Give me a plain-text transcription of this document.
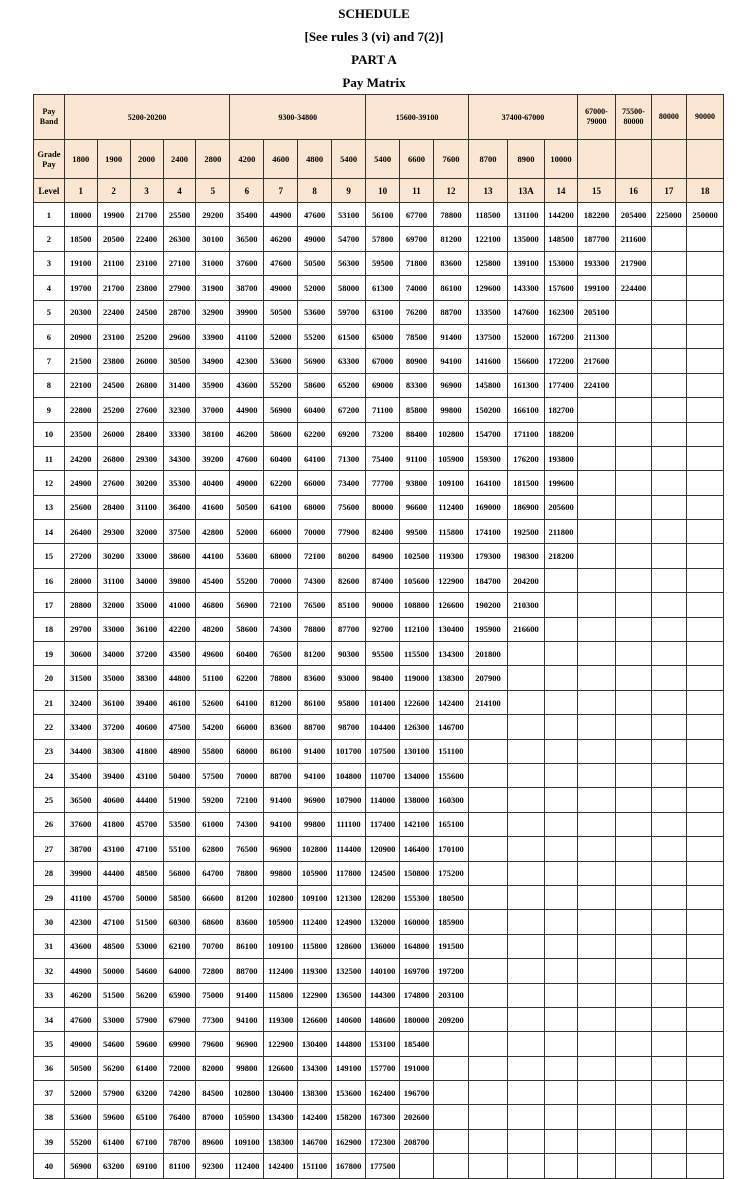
SCHEDULE
[See rules 3 (vi) and 7(2)]
PART A
Pay Matrix
Pay Band	5200-20200					9300-34800				15600-39100			37400-67000			67000-79000	75500-80000	80000	90000
Grade Pay	1800	1900	2000	2400	2800	4200	4600	4800	5400	5400	6600	7600	8700	8900	10000				
Level	1	2	3	4	5	6	7	8	9	10	11	12	13	13A	14	15	16	17	18
1	18000	19900	21700	25500	29200	35400	44900	47600	53100	56100	67700	78800	118500	131100	144200	182200	205400	225000	250000
2	18500	20500	22400	26300	30100	36500	46200	49000	54700	57800	69700	81200	122100	135000	148500	187700	211600		
3	19100	21100	23100	27100	31000	37600	47600	50500	56300	59500	71800	83600	125800	139100	153000	193300	217900		
4	19700	21700	23800	27900	31900	38700	49000	52000	58000	61300	74000	86100	129600	143300	157600	199100	224400		
5	20300	22400	24500	28700	32900	39900	50500	53600	59700	63100	76200	88700	133500	147600	162300	205100			
6	20900	23100	25200	29600	33900	41100	52000	55200	61500	65000	78500	91400	137500	152000	167200	211300			
7	21500	23800	26000	30500	34900	42300	53600	56900	63300	67000	80900	94100	141600	156600	172200	217600			
8	22100	24500	26800	31400	35900	43600	55200	58600	65200	69000	83300	96900	145800	161300	177400	224100			
9	22800	25200	27600	32300	37000	44900	56900	60400	67200	71100	85800	99800	150200	166100	182700				
10	23500	26000	28400	33300	38100	46200	58600	62200	69200	73200	88400	102800	154700	171100	188200				
11	24200	26800	29300	34300	39200	47600	60400	64100	71300	75400	91100	105900	159300	176200	193800				
12	24900	27600	30200	35300	40400	49000	62200	66000	73400	77700	93800	109100	164100	181500	199600				
13	25600	28400	31100	36400	41600	50500	64100	68000	75600	80000	96600	112400	169000	186900	205600				
14	26400	29300	32000	37500	42800	52000	66000	70000	77900	82400	99500	115800	174100	192500	211800				
15	27200	30200	33000	38600	44100	53600	68000	72100	80200	84900	102500	119300	179300	198300	218200				
16	28000	31100	34000	39800	45400	55200	70000	74300	82600	87400	105600	122900	184700	204200					
17	28800	32000	35000	41000	46800	56900	72100	76500	85100	90000	108800	126600	190200	210300					
18	29700	33000	36100	42200	48200	58600	74300	78800	87700	92700	112100	130400	195900	216600					
19	30600	34000	37200	43500	49600	60400	76500	81200	90300	95500	115500	134300	201800						
20	31500	35000	38300	44800	51100	62200	78800	83600	93000	98400	119000	138300	207900						
21	32400	36100	39400	46100	52600	64100	81200	86100	95800	101400	122600	142400	214100						
22	33400	37200	40600	47500	54200	66000	83600	88700	98700	104400	126300	146700							
23	34400	38300	41800	48900	55800	68000	86100	91400	101700	107500	130100	151100							
24	35400	39400	43100	50400	57500	70000	88700	94100	104800	110700	134000	155600							
25	36500	40600	44400	51900	59200	72100	91400	96900	107900	114000	138000	160300							
26	37600	41800	45700	53500	61000	74300	94100	99800	111100	117400	142100	165100							
27	38700	43100	47100	55100	62800	76500	96900	102800	114400	120900	146400	170100							
28	39900	44400	48500	56800	64700	78800	99800	105900	117800	124500	150800	175200							
29	41100	45700	50000	58500	66600	81200	102800	109100	121300	128200	155300	180500							
30	42300	47100	51500	60300	68600	83600	105900	112400	124900	132000	160000	185900							
31	43600	48500	53000	62100	70700	86100	109100	115800	128600	136000	164800	191500							
32	44900	50000	54600	64000	72800	88700	112400	119300	132500	140100	169700	197200							
33	46200	51500	56200	65900	75000	91400	115800	122900	136500	144300	174800	203100							
34	47600	53000	57900	67900	77300	94100	119300	126600	140600	148600	180000	209200							
35	49000	54600	59600	69900	79600	96900	122900	130400	144800	153100	185400								
36	50500	56200	61400	72000	82000	99800	126600	134300	149100	157700	191000								
37	52000	57900	63200	74200	84500	102800	130400	138300	153600	162400	196700								
38	53600	59600	65100	76400	87000	105900	134300	142400	158200	167300	202600								
39	55200	61400	67100	78700	89600	109100	138300	146700	162900	172300	208700								
40	56900	63200	69100	81100	92300	112400	142400	151100	167800	177500									
